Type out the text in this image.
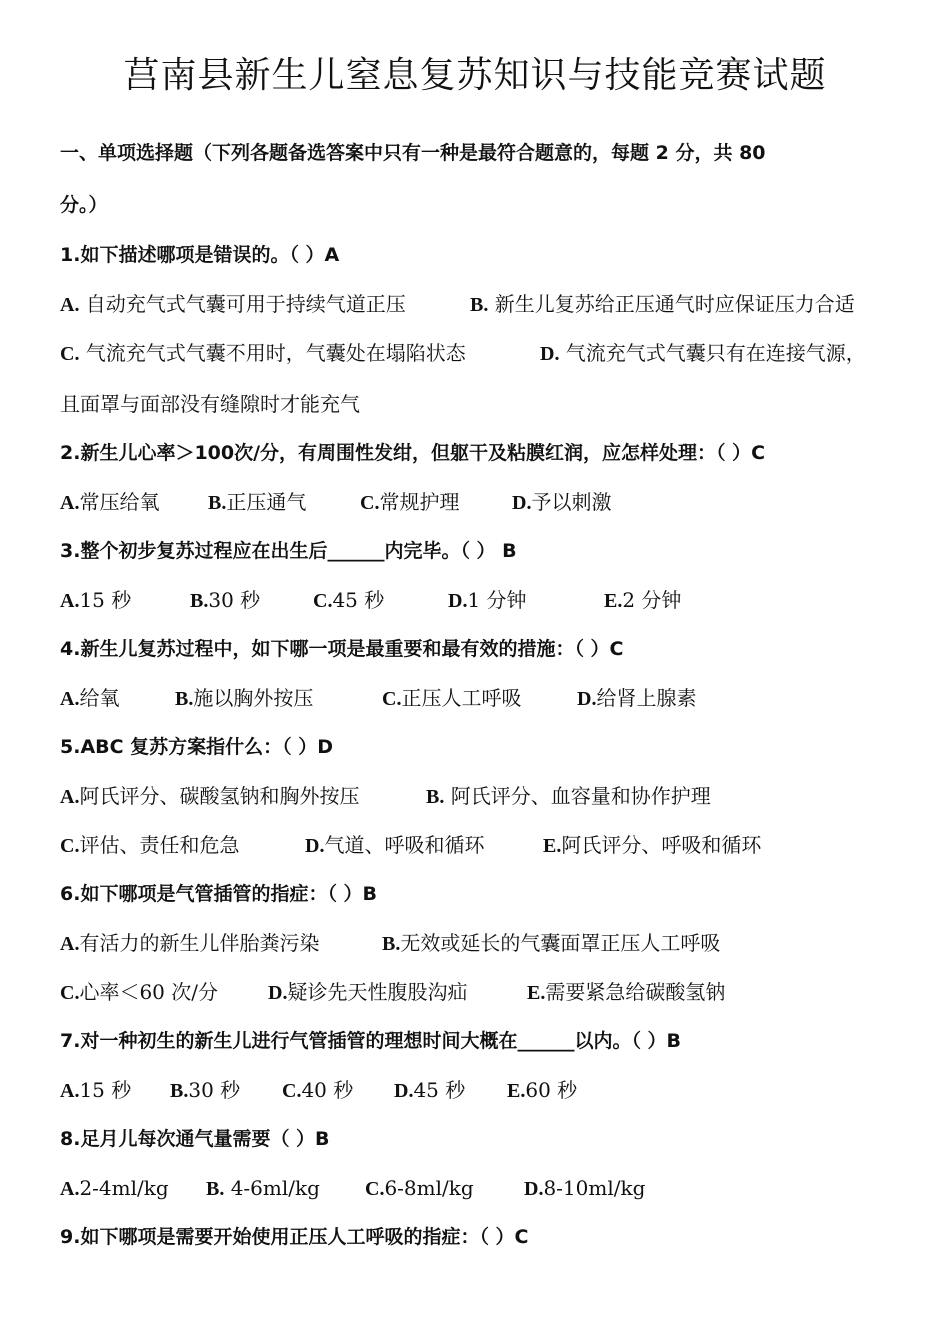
莒南县新生儿窒息复苏知识与技能竞赛试题
一、单项选择题（下列各题备选答案中只有一种是最符合题意的，每题 2 分，共 80
分。）
1.如下描述哪项是错误的。（ ）A
A. 自动充气式气囊可用于持续气道正压	B. 新生儿复苏给正压通气时应保证压力合适
C. 气流充气式气囊不用时，气囊处在塌陷状态	D. 气流充气式气囊只有在连接气源，
且面罩与面部没有缝隙时才能充气
2.新生儿心率＞100次/分，有周围性发绀，但躯干及粘膜红润，应怎样处理：（ ）C
A.常压给氧 B.正压通气	C.常规护理	D.予以刺激
3.整个初步复苏过程应在出生后______内完毕。（ ） B
A.15 秒	B.30 秒	C.45 秒	D.1 分钟	E.2 分钟
4.新生儿复苏过程中，如下哪一项是最重要和最有效的措施：（ ）C
A.给氧	B.施以胸外按压	C.正压人工呼吸	D.给肾上腺素
5.ABC 复苏方案指什么：（ ）D
A.阿氏评分、碳酸氢钠和胸外按压	B. 阿氏评分、血容量和协作护理
C.评估、责任和危急	D.气道、呼吸和循环	E.阿氏评分、呼吸和循环
6.如下哪项是气管插管的指症：（ ）B
A.有活力的新生儿伴胎粪污染	B.无效或延长的气囊面罩正压人工呼吸
C.心率＜60 次/分	D.疑诊先天性腹股沟疝	E.需要紧急给碳酸氢钠
7.对一种初生的新生儿进行气管插管的理想时间大概在______以内。（ ）B
A.15 秒 B.30 秒 C.40 秒 D.45 秒 E.60 秒
8.足月儿每次通气量需要（ ）B
A.2-4ml/kg B. 4-6ml/kg C.6-8ml/kg	D.8-10ml/kg
9.如下哪项是需要开始使用正压人工呼吸的指症：（ ）C
